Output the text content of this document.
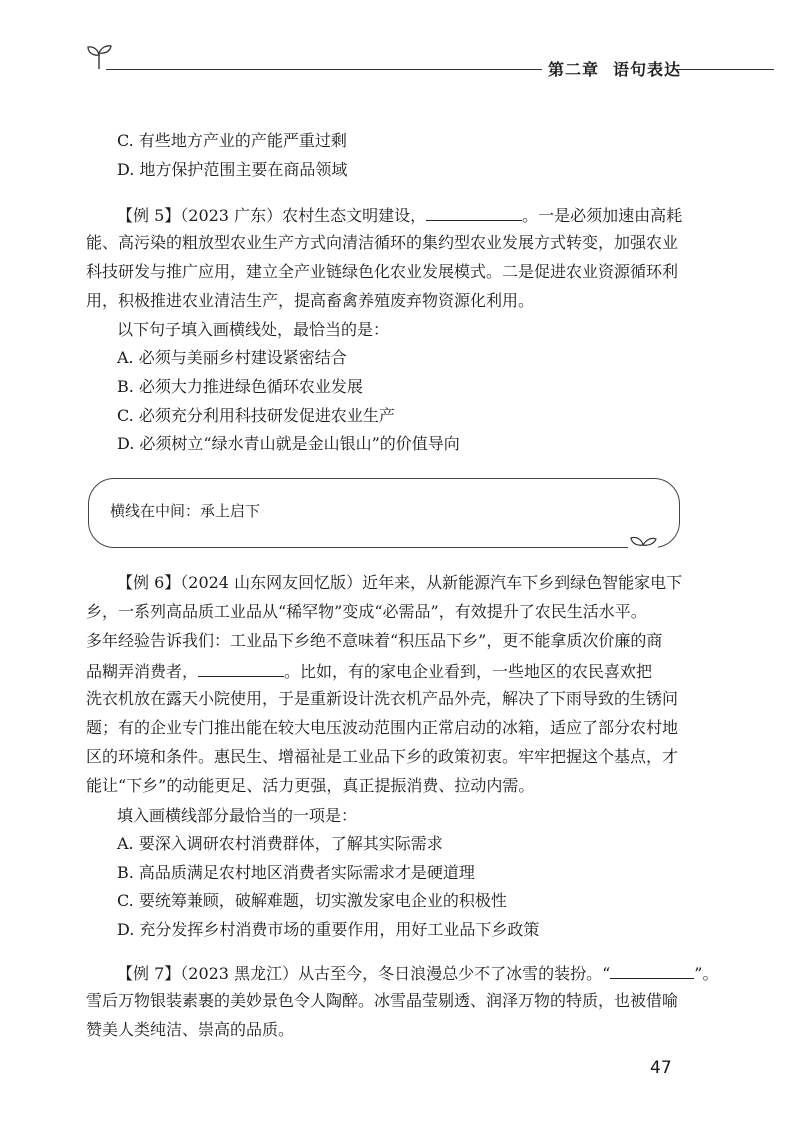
第二章 语句表达
C. 有些地方产业的产能严重过剩
D. 地方保护范围主要在商品领域
【例 5】（2023 广东）农村生态文明建设，	。一是必须加速由高耗
能、高污染的粗放型农业生产方式向清洁循环的集约型农业发展方式转变，加强农业
科技研发与推广应用，建立全产业链绿色化农业发展模式。二是促进农业资源循环利
用，积极推进农业清洁生产，提高畜禽养殖废弃物资源化利用。
以下句子填入画横线处，最恰当的是：
A. 必须与美丽乡村建设紧密结合
B. 必须大力推进绿色循环农业发展
C. 必须充分利用科技研发促进农业生产
D. 必须树立“绿水青山就是金山银山”的价值导向
横线在中间：承上启下
【例 6】（2024 山东网友回忆版）近年来，从新能源汽车下乡到绿色智能家电下
乡，一系列高品质工业品从“稀罕物”变成“必需品”，有效提升了农民生活水平。
多年经验告诉我们：工业品下乡绝不意味着“积压品下乡”，更不能拿质次价廉的商
品糊弄消费者，	。比如，有的家电企业看到，一些地区的农民喜欢把
洗衣机放在露天小院使用，于是重新设计洗衣机产品外壳，解决了下雨导致的生锈问
题；有的企业专门推出能在较大电压波动范围内正常启动的冰箱，适应了部分农村地
区的环境和条件。惠民生、增福祉是工业品下乡的政策初衷。牢牢把握这个基点，才
能让“下乡”的动能更足、活力更强，真正提振消费、拉动内需。
填入画横线部分最恰当的一项是：
A. 要深入调研农村消费群体，了解其实际需求
B. 高品质满足农村地区消费者实际需求才是硬道理
C. 要统筹兼顾，破解难题，切实激发家电企业的积极性
D. 充分发挥乡村消费市场的重要作用，用好工业品下乡政策
【例 7】（2023 黑龙江）从古至今，冬日浪漫总少不了冰雪的装扮。“	”。
雪后万物银装素裹的美妙景色令人陶醉。冰雪晶莹剔透、润泽万物的特质，也被借喻
赞美人类纯洁、崇高的品质。
47
